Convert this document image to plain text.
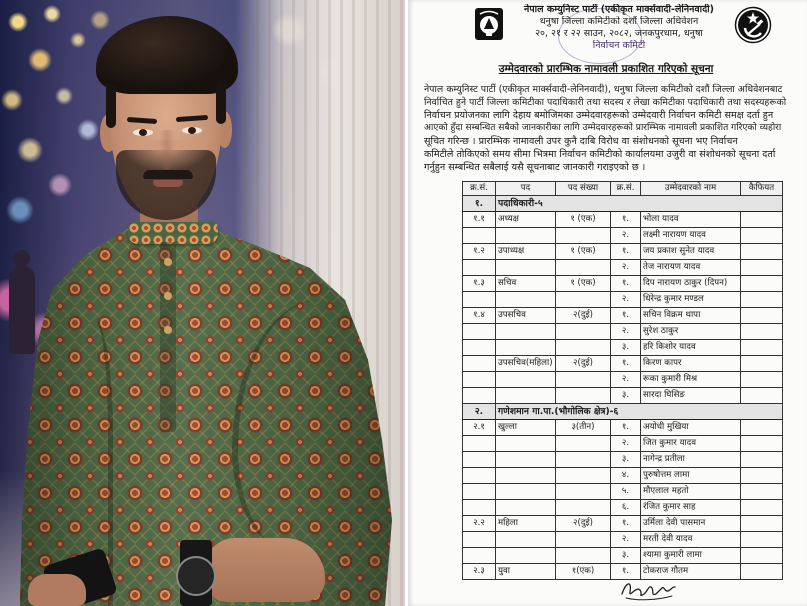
नेपाल कम्युनिस्ट पार्टी (एकीकृत मार्क्सवादी-लेनिनवादी)
धनुषा जिल्ला कमिटीको दशौं जिल्ला अधिवेशन
२०, २१ र २२ साउन, २०८२, जनकपुरधाम, धनुषा
निर्वाचन कमिटी
उम्मेदवारको प्रारम्भिक नामावली प्रकाशित गरिएको सूचना
नेपाल कम्युनिस्ट पार्टी (एकीकृत मार्क्सवादी-लेनिनवादी), धनुषा जिल्ला कमिटीको दशौं जिल्ला अधिवेशनबाट
निर्वाचित हुने पार्टी जिल्ला कमिटीका पदाधिकारी तथा सदस्य र लेखा कमिटीका पदाधिकारी तथा सदस्यहरूको
निर्वाचन प्रयोजनका लागि देहाय बमोजिमका उम्मेदवारहरूको उम्मेदवारी निर्वाचन कमिटी समक्ष दर्ता हुन
आएको हुँदा सम्बन्धित सबैको जानकारीका लागि उम्मेदवारहरूको प्रारम्भिक नामावली प्रकाशित गरिएको व्यहोरा
सूचित गरिन्छ । प्रारम्भिक नामावली उपर कुनै दाबि विरोध वा संशोधनको सूचना भए निर्वाचन
कमिटीले तोकिएको समय सीमा भित्रमा निर्वाचन कमिटीको कार्यालयमा उजुरी वा संशोधनको सूचना दर्ता
गर्नुहुन सम्बन्धित सबैलाई यसै सूचनाबाट जानकारी गराइएको छ ।
क्र.सं.	पद	पद संख्या	क्र.सं.	उम्मेदवारको नाम	कैफियत
१.	पदाधिकारी-५				
१.१	अध्यक्ष	१ (एक)	१.	भोला यादव	
			२.	लक्ष्मी नारायण यादव	
१.२	उपाध्यक्ष	१ (एक)	१.	जय प्रकाश सुनेत यादव	
			२.	तेज नारायण यादव	
१.३	सचिव	१ (एक)	१.	दिप नारायण ठाकुर (दिपन)	
			२.	धिरेन्द्र कुमार मण्डल	
१.४	उपसचिव	२(दुई)	१.	सचिन विक्रम थापा	
			२.	सुरेश ठाकुर	
			३.	हरि किशोर यादव	
	उपसचिव(महिला)	२(दुई)	१.	किरण कापर	
			२.	रूका कुमारी मिश्र	
			३.	सारदा घिसिङ	
२.	गणेशमान गा.पा.(भौगोलिक क्षेत्र)-६				
२.१	खुल्ला	३(तीन)	१.	अयोधी मुखिया	
			२.	जित कुमार यादव	
			३.	नागेन्द्र प्रतीला	
			४.	पुरुषोत्तम लामा	
			५.	मौएलाल महतो	
			६.	रंजित कुमार साह	
२.२	महिला	२(दुई)	१.	उर्मिला देवी पासमान	
			२.	मरती देवी यादव	
			३.	श्यामा कुमारी लामा	
२.३	युवा	१(एक)	१.	टोकराज गौतम	
